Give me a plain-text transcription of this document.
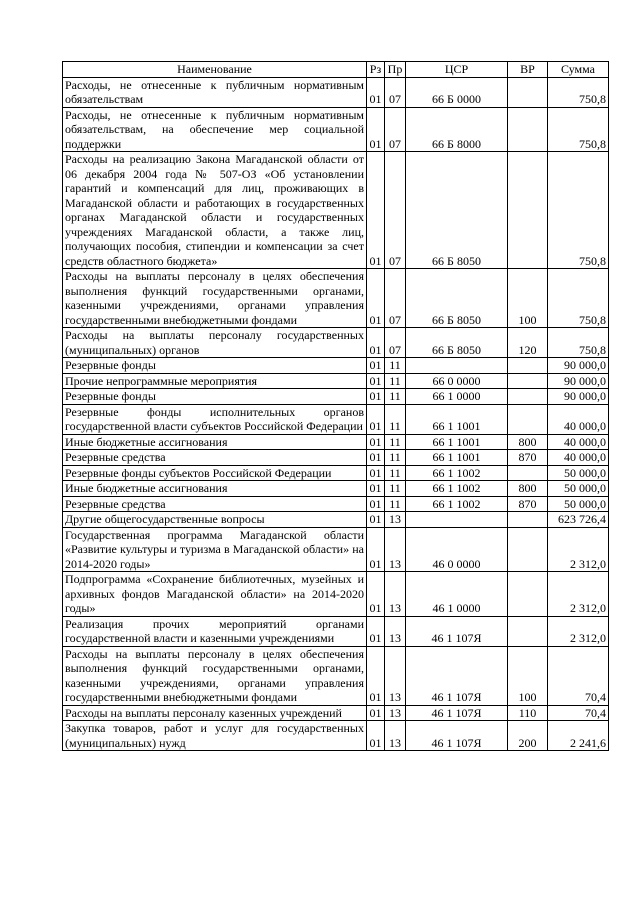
Наименование	Рз	Пр	ЦСР	ВР	Сумма
Расходы, не отнесенные к публичным нормативным обязательствам	01	07	66 Б 0000		750,8
Расходы, не отнесенные к публичным нормативным обязательствам, на обеспечение мер социальной поддержки	01	07	66 Б 8000		750,8
Расходы на реализацию Закона Магаданской области от 06 декабря 2004 года № 507-ОЗ «Об установлении гарантий и компенсаций для лиц, проживающих в Магаданской области и работающих в государственных органах Магаданской области и государственных учреждениях Магаданской области, а также лиц, получающих пособия, стипендии и компенсации за счет средств областного бюджета»	01	07	66 Б 8050		750,8
Расходы на выплаты персоналу в целях обеспечения выполнения функций государственными органами, казенными учреждениями, органами управления государственными внебюджетными фондами	01	07	66 Б 8050	100	750,8
Расходы на выплаты персоналу государственных (муниципальных) органов	01	07	66 Б 8050	120	750,8
Резервные фонды	01	11			90 000,0
Прочие непрограммные мероприятия	01	11	66 0 0000		90 000,0
Резервные фонды	01	11	66 1 0000		90 000,0
Резервные фонды исполнительных органов государственной власти субъектов Российской Федерации	01	11	66 1 1001		40 000,0
Иные бюджетные ассигнования	01	11	66 1 1001	800	40 000,0
Резервные средства	01	11	66 1 1001	870	40 000,0
Резервные фонды субъектов Российской Федерации	01	11	66 1 1002		50 000,0
Иные бюджетные ассигнования	01	11	66 1 1002	800	50 000,0
Резервные средства	01	11	66 1 1002	870	50 000,0
Другие общегосударственные вопросы	01	13			623 726,4
Государственная программа Магаданской области «Развитие культуры и туризма в Магаданской области» на 2014-2020 годы»	01	13	46 0 0000		2 312,0
Подпрограмма «Сохранение библиотечных, музейных и архивных фондов Магаданской области» на 2014-2020 годы»	01	13	46 1 0000		2 312,0
Реализация прочих мероприятий органами государственной власти и казенными учреждениями	01	13	46 1 107Я		2 312,0
Расходы на выплаты персоналу в целях обеспечения выполнения функций государственными органами, казенными учреждениями, органами управления государственными внебюджетными фондами	01	13	46 1 107Я	100	70,4
Расходы на выплаты персоналу казенных учреждений	01	13	46 1 107Я	110	70,4
Закупка товаров, работ и услуг для государственных (муниципальных) нужд	01	13	46 1 107Я	200	2 241,6
